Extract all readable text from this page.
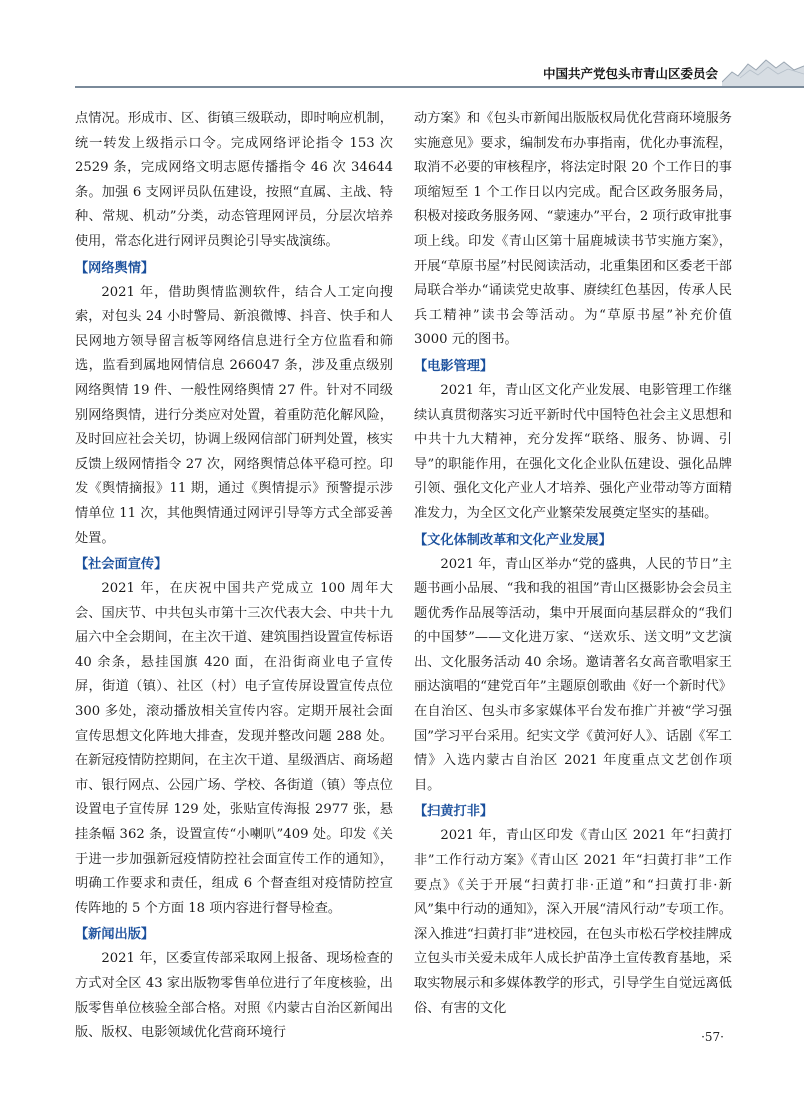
中国共产党包头市青山区委员会

点情况。形成市、区、街镇三级联动，即时响应机制，统一转发上级指示口令。完成网络评论指令 153 次 2529 条，完成网络文明志愿传播指令 46 次 34644 条。加强 6 支网评员队伍建设，按照“直属、主战、特种、常规、机动”分类，动态管理网评员，分层次培养使用，常态化进行网评员舆论引导实战演练。

【网络舆情】

2021 年，借助舆情监测软件，结合人工定向搜索，对包头 24 小时警局、新浪微博、抖音、快手和人民网地方领导留言板等网络信息进行全方位监看和筛选，监看到属地网情信息 266047 条，涉及重点级别网络舆情 19 件、一般性网络舆情 27 件。针对不同级别网络舆情，进行分类应对处置，着重防范化解风险，及时回应社会关切，协调上级网信部门研判处置，核实反馈上级网情指令 27 次，网络舆情总体平稳可控。印发《舆情摘报》11 期，通过《舆情提示》预警提示涉情单位 11 次，其他舆情通过网评引导等方式全部妥善处置。

【社会面宣传】

2021 年，在庆祝中国共产党成立 100 周年大会、国庆节、中共包头市第十三次代表大会、中共十九届六中全会期间，在主次干道、建筑围挡设置宣传标语 40 余条，悬挂国旗 420 面，在沿街商业电子宣传屏，街道（镇）、社区（村）电子宣传屏设置宣传点位 300 多处，滚动播放相关宣传内容。定期开展社会面宣传思想文化阵地大排查，发现并整改问题 288 处。在新冠疫情防控期间，在主次干道、星级酒店、商场超市、银行网点、公园广场、学校、各街道（镇）等点位设置电子宣传屏 129 处，张贴宣传海报 2977 张，悬挂条幅 362 条，设置宣传“小喇叭”409 处。印发《关于进一步加强新冠疫情防控社会面宣传工作的通知》，明确工作要求和责任，组成 6 个督查组对疫情防控宣传阵地的 5 个方面 18 项内容进行督导检查。

【新闻出版】

2021 年，区委宣传部采取网上报备、现场检查的方式对全区 43 家出版物零售单位进行了年度核验，出版零售单位核验全部合格。对照《内蒙古自治区新闻出版、版权、电影领域优化营商环境行

动方案》和《包头市新闻出版版权局优化营商环境服务实施意见》要求，编制发布办事指南，优化办事流程，取消不必要的审核程序，将法定时限 20 个工作日的事项缩短至 1 个工作日以内完成。配合区政务服务局，积极对接政务服务网、“蒙速办”平台，2 项行政审批事项上线。印发《青山区第十届鹿城读书节实施方案》，开展“草原书屋”村民阅读活动，北重集团和区委老干部局联合举办“诵读党史故事、赓续红色基因，传承人民兵工精神”读书会等活动。为“草原书屋”补充价值 3000 元的图书。

【电影管理】

2021 年，青山区文化产业发展、电影管理工作继续认真贯彻落实习近平新时代中国特色社会主义思想和中共十九大精神，充分发挥“联络、服务、协调、引导”的职能作用，在强化文化企业队伍建设、强化品牌引领、强化文化产业人才培养、强化产业带动等方面精准发力，为全区文化产业繁荣发展奠定坚实的基础。

【文化体制改革和文化产业发展】

2021 年，青山区举办“党的盛典，人民的节日”主题书画小品展、“我和我的祖国”青山区摄影协会会员主题优秀作品展等活动，集中开展面向基层群众的“我们的中国梦”——文化进万家、“送欢乐、送文明”文艺演出、文化服务活动 40 余场。邀请著名女高音歌唱家王丽达演唱的“建党百年”主题原创歌曲《好一个新时代》在自治区、包头市多家媒体平台发布推广并被“学习强国”学习平台采用。纪实文学《黄河好人》、话剧《军工情》入选内蒙古自治区 2021 年度重点文艺创作项目。

【扫黄打非】

2021 年，青山区印发《青山区 2021 年“扫黄打非”工作行动方案》《青山区 2021 年“扫黄打非”工作要点》《关于开展“扫黄打非·正道”和“扫黄打非·新风”集中行动的通知》，深入开展“清风行动”专项工作。深入推进“扫黄打非”进校园，在包头市松石学校挂牌成立包头市关爱未成年人成长护苗净土宣传教育基地，采取实物展示和多媒体教学的形式，引导学生自觉远离低俗、有害的文化

·57·
